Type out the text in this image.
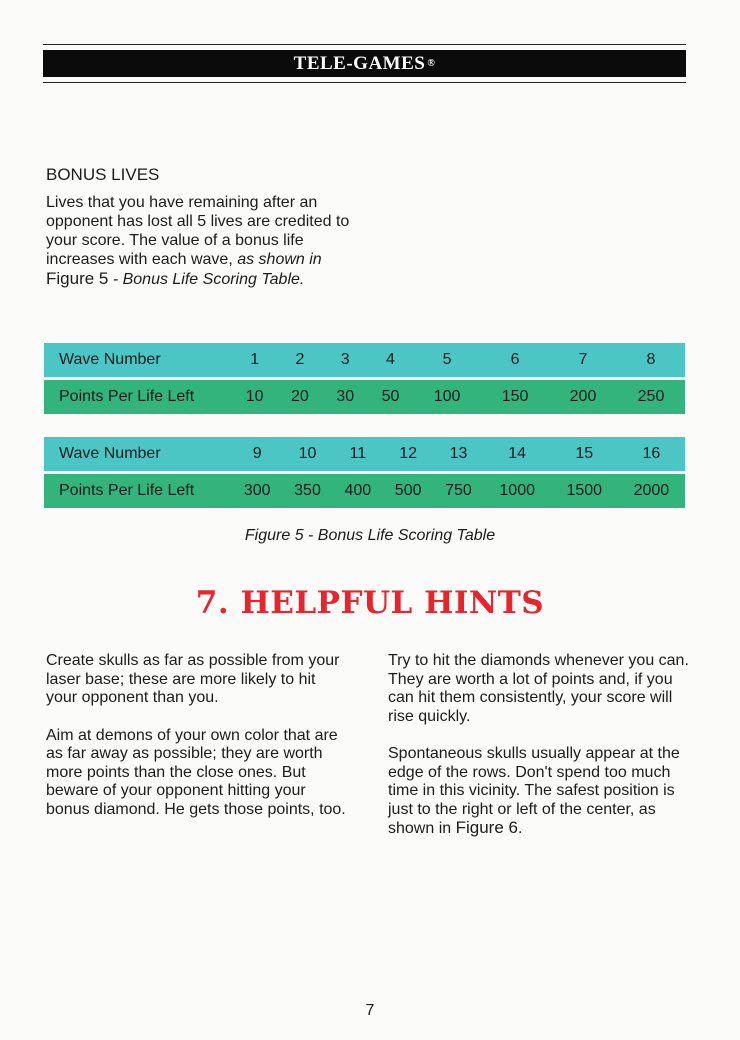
TELE-GAMES ®
BONUS LIVES
Lives that you have remaining after an opponent has lost all 5 lives are credited to your score. The value of a bonus life increases with each wave, as shown in Figure 5 - Bonus Life Scoring Table.
Wave Number	1	2	3	4	5	6	7	8

Points Per Life Left	10	20	30	50	100	150	200	250
Wave Number	9	10	11	12	13	14	15	16

Points Per Life Left	300	350	400	500	750	1000	1500	2000
Figure 5 - Bonus Life Scoring Table
7. HELPFUL HINTS

Create skulls as far as possible from your laser base; these are more likely to hit your opponent than you.

Aim at demons of your own color that are as far away as possible; they are worth more points than the close ones. But beware of your opponent hitting your bonus diamond. He gets those points, too.

Try to hit the diamonds whenever you can. They are worth a lot of points and, if you can hit them consistently, your score will rise quickly.

Spontaneous skulls usually appear at the edge of the rows. Don't spend too much time in this vicinity. The safest position is just to the right or left of the center, as shown in Figure 6.

7
